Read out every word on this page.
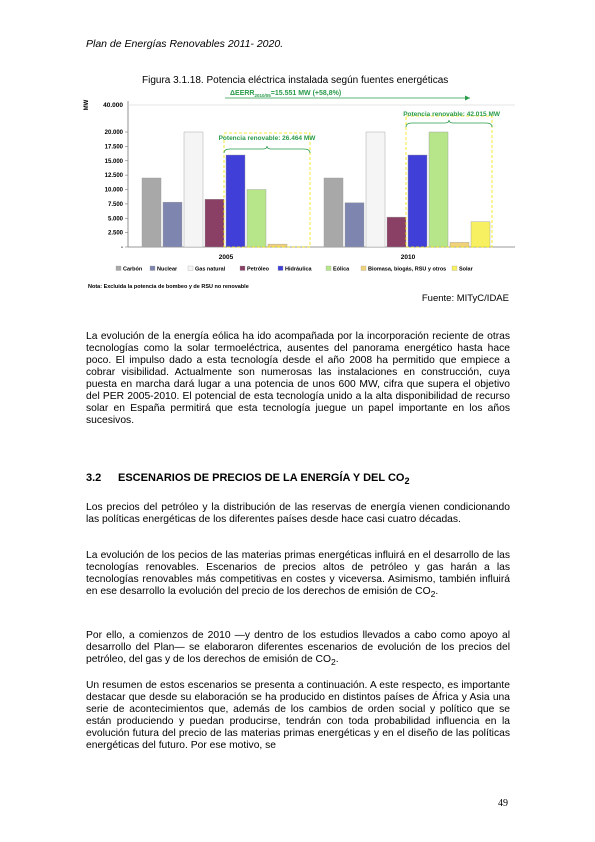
Plan de Energías Renovables 2011- 2020.
Figura 3.1.18. Potencia eléctrica instalada según fuentes energéticas
MW
-
2.500
5.000
7.500
10.000
12.500
15.000
17.500
20.000
40.000
2005	2010
Potencia renovable: 26.464 MW
Potencia renovable: 42.015 MW
$\Delta EERR_{2010/05}=15.551$ MW (+58,8%)
Carbón	Nuclear	Gas natural	Petróleo	Hidráulica	Eólica	Biomasa, biogás, RSU y otros Solar
Nota: Excluida la potencia de bombeo y de RSU no renovable
Fuente: MITyC/IDAE

La evolución de la energía eólica ha ido acompañada por la incorporación reciente de otras tecnologías como la solar termoeléctrica, ausentes del panorama energético hasta hace poco. El impulso dado a esta tecnología desde el año 2008 ha permitido que empiece a cobrar visibilidad. Actualmente son numerosas las instalaciones en construcción, cuya puesta en marcha dará lugar a una potencia de unos 600 MW, cifra que supera el objetivo del PER 2005-2010. El potencial de esta tecnología unido a la alta disponibilidad de recurso solar en España permitirá que esta tecnología juegue un papel importante en los años sucesivos.

3.2 ESCENARIOS DE PRECIOS DE LA ENERGÍA Y DEL $CO_2$

Los precios del petróleo y la distribución de las reservas de energía vienen condicionando las políticas energéticas de los diferentes países desde hace casi cuatro décadas.

La evolución de los pecios de las materias primas energéticas influirá en el desarrollo de las tecnologías renovables. Escenarios de precios altos de petróleo y gas harán a las tecnologías renovables más competitivas en costes y viceversa. Asimismo, también influirá en ese desarrollo la evolución del precio de los derechos de emisión de $CO_2$.

Por ello, a comienzos de 2010 —y dentro de los estudios llevados a cabo como apoyo al desarrollo del Plan— se elaboraron diferentes escenarios de evolución de los precios del petróleo, del gas y de los derechos de emisión de $CO_2$.

Un resumen de estos escenarios se presenta a continuación. A este respecto, es importante destacar que desde su elaboración se ha producido en distintos países de África y Asia una serie de acontecimientos que, además de los cambios de orden social y político que se están produciendo y puedan producirse, tendrán con toda probabilidad influencia en la evolución futura del precio de las materias primas energéticas y en el diseño de las políticas energéticas del futuro. Por ese motivo, se

49
